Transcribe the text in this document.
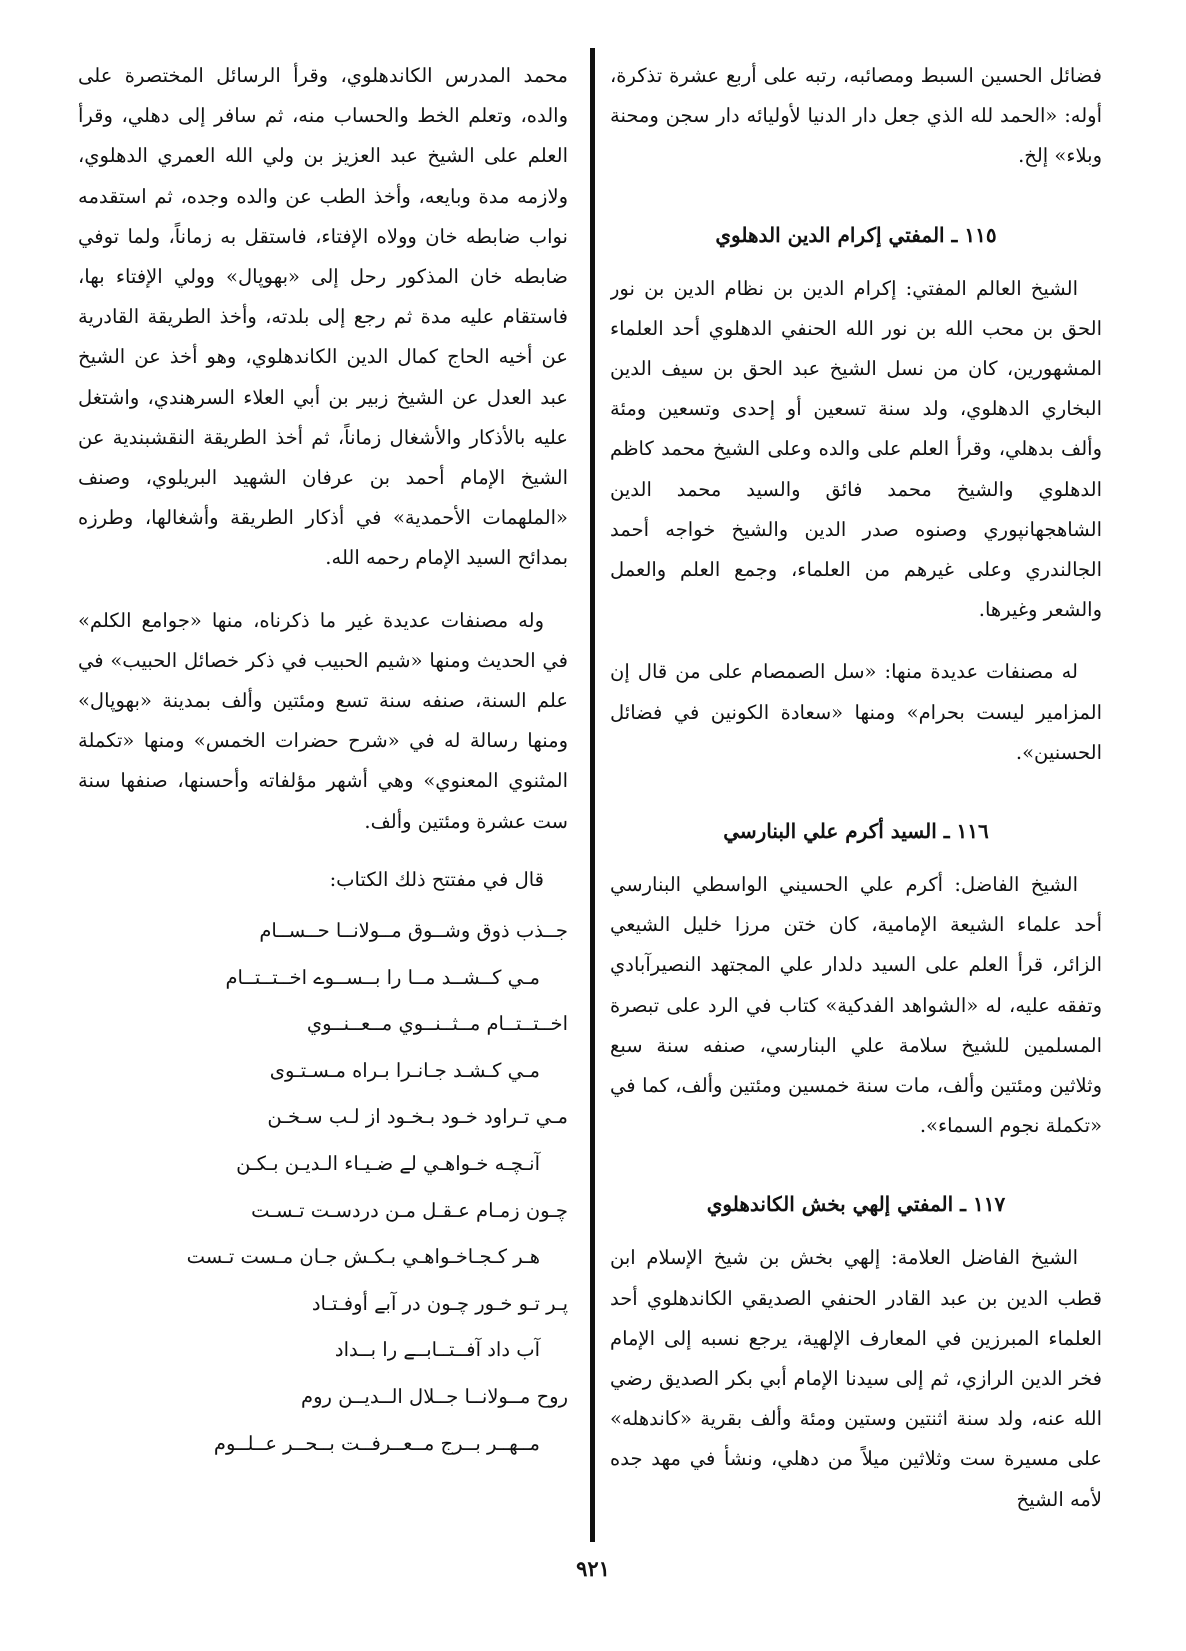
فضائل الحسين السبط ومصائبه، رتبه على أربع عشرة تذكرة، أوله: «الحمد لله الذي جعل دار الدنيا لأوليائه دار سجن ومحنة وبلاء» إلخ.

١١٥ ـ المفتي إكرام الدين الدهلوي

الشيخ العالم المفتي: إكرام الدين بن نظام الدين بن نور الحق بن محب الله بن نور الله الحنفي الدهلوي أحد العلماء المشهورين، كان من نسل الشيخ عبد الحق بن سيف الدين البخاري الدهلوي، ولد سنة تسعين أو إحدى وتسعين ومئة وألف بدهلي، وقرأ العلم على والده وعلى الشيخ محمد كاظم الدهلوي والشيخ محمد فائق والسيد محمد الدين الشاهجهانپوري وصنوه صدر الدين والشيخ خواجه أحمد الجالندري وعلى غيرهم من العلماء، وجمع العلم والعمل والشعر وغيرها.

له مصنفات عديدة منها: «سل الصمصام على من قال إن المزامير ليست بحرام» ومنها «سعادة الكونين في فضائل الحسنين».

١١٦ ـ السيد أكرم علي البنارسي

الشيخ الفاضل: أكرم علي الحسيني الواسطي البنارسي أحد علماء الشيعة الإمامية، كان ختن مرزا خليل الشيعي الزائر، قرأ العلم على السيد دلدار علي المجتهد النصيرآبادي وتفقه عليه، له «الشواهد الفدكية» كتاب في الرد على تبصرة المسلمين للشيخ سلامة علي البنارسي، صنفه سنة سبع وثلاثين ومئتين وألف، مات سنة خمسين ومئتين وألف، كما في «تكملة نجوم السماء».

١١٧ ـ المفتي إلهي بخش الكاندهلوي

الشيخ الفاضل العلامة: إلهي بخش بن شيخ الإسلام ابن قطب الدين بن عبد القادر الحنفي الصديقي الكاندهلوي أحد العلماء المبرزين في المعارف الإلهية، يرجع نسبه إلى الإمام فخر الدين الرازي، ثم إلى سيدنا الإمام أبي بكر الصديق رضي الله عنه، ولد سنة اثنتين وستين ومئة وألف بقرية «كاندهله» على مسيرة ست وثلاثين ميلاً من دهلي، ونشأ في مهد جده لأمه الشيخ

محمد المدرس الكاندهلوي، وقرأ الرسائل المختصرة على والده، وتعلم الخط والحساب منه، ثم سافر إلى دهلي، وقرأ العلم على الشيخ عبد العزيز بن ولي الله العمري الدهلوي، ولازمه مدة وبايعه، وأخذ الطب عن والده وجده، ثم استقدمه نواب ضابطه خان وولاه الإفتاء، فاستقل به زماناً، ولما توفي ضابطه خان المذكور رحل إلى «بهوپال» وولي الإفتاء بها، فاستقام عليه مدة ثم رجع إلى بلدته، وأخذ الطريقة القادرية عن أخيه الحاج كمال الدين الكاندهلوي، وهو أخذ عن الشيخ عبد العدل عن الشيخ زبير بن أبي العلاء السرهندي، واشتغل عليه بالأذكار والأشغال زماناً، ثم أخذ الطريقة النقشبندية عن الشيخ الإمام أحمد بن عرفان الشهيد البريلوي، وصنف «الملهمات الأحمدية» في أذكار الطريقة وأشغالها، وطرزه بمدائح السيد الإمام رحمه الله.

وله مصنفات عديدة غير ما ذكرناه، منها «جوامع الكلم» في الحديث ومنها «شيم الحبيب في ذكر خصائل الحبيب» في علم السنة، صنفه سنة تسع ومئتين وألف بمدينة «بهوپال» ومنها رسالة له في «شرح حضرات الخمس» ومنها «تكملة المثنوي المعنوي» وهي أشهر مؤلفاته وأحسنها، صنفها سنة ست عشرة ومئتين وألف.

قال في مفتتح ذلك الكتاب:

جــذب ذوق وشــوق مــولانــا حــســام
مـي كــشــد مــا را بــســوے اخــتــتــام
اخــتــتــام مــثــنــوي مــعــنــوي
مـي كـشـد جـانـرا بـراه مـسـتـوى
مـي تـراود خـود بـخـود از لـب سـخـن
آنـچـه خـواهـي لے ضـيـاء الـديـن بـكـن
چـون زمـام عـقـل مـن دردسـت تـسـت
هـر كـجـاخـواهـي بـكـش جـان مـست تـست
پـر تـو خـور چـون در آبے أوفـتـاد
آب داد آفــتــابــے را بــداد
روح مــولانــا جــلال الــديــن روم
مــهــر بــرج مــعــرفــت بــحــر عــلــوم
٩٢١
